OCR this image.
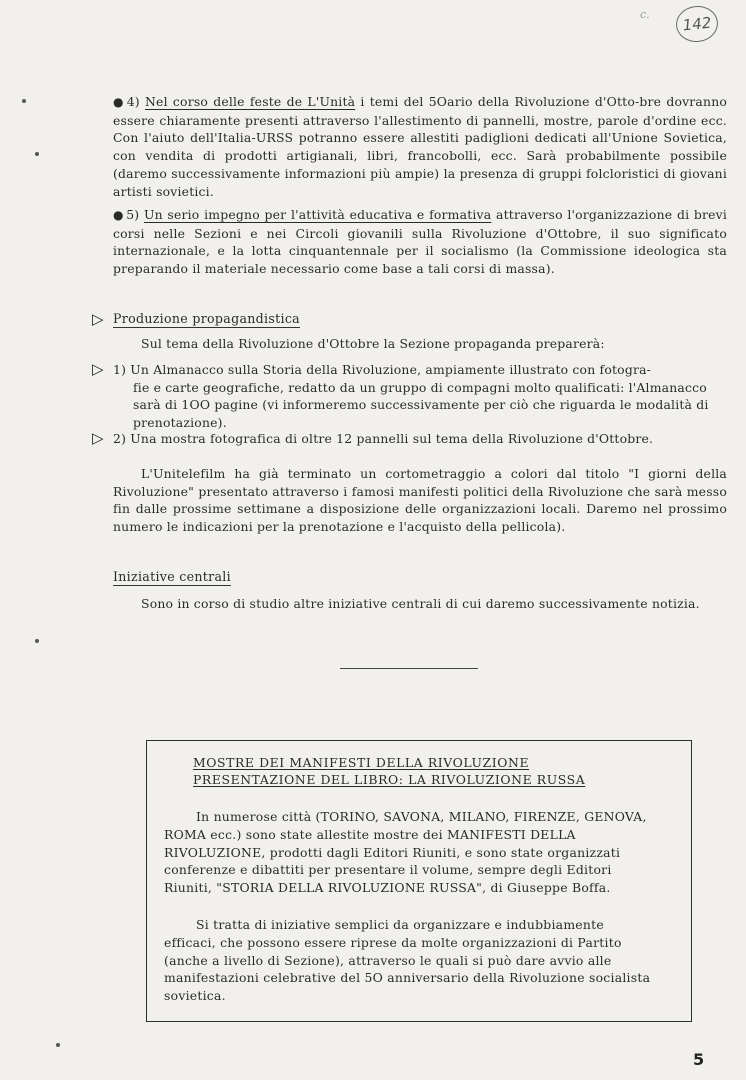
c.	142
● 4) Nel corso delle feste de L'Unità i temi del 5Oario della Rivoluzione d'Otto-bre dovranno essere chiaramente presenti attraverso l'allestimento di pannelli, mostre, parole d'ordine ecc. Con l'aiuto dell'Italia-URSS potranno essere allestiti padiglioni dedicati all'Unione Sovietica, con vendita di prodotti artigianali, libri, francobolli, ecc. Sarà probabilmente possibile (daremo successivamente informazioni più ampie) la presenza di gruppi folcloristici di giovani artisti sovietici.
● 5) Un serio impegno per l'attività educativa e formativa attraverso l'organizzazione di brevi corsi nelle Sezioni e nei Circoli giovanili sulla Rivoluzione d'Ottobre, il suo significato internazionale, e la lotta cinquantennale per il socialismo (la Commissione ideologica sta preparando il materiale necessario come base a tali corsi di massa).
▷ Produzione propagandistica
Sul tema della Rivoluzione d'Ottobre la Sezione propaganda preparerà:
▷ 1) Un Almanacco sulla Storia della Rivoluzione, ampiamente illustrato con fotogra-
fie e carte geografiche, redatto da un gruppo di compagni molto qualificati: l'Almanacco sarà di 1OO pagine (vi informeremo successivamente per ciò che riguarda le modalità di prenotazione).
▷ 2) Una mostra fotografica di oltre 12 pannelli sul tema della Rivoluzione d'Ottobre.
L'Unitelefilm ha già terminato un cortometraggio a colori dal titolo "I giorni della Rivoluzione" presentato attraverso i famosi manifesti politici della Rivoluzione che sarà messo fin dalle prossime settimane a disposizione delle organizzazioni locali. Daremo nel prossimo numero le indicazioni per la prenotazione e l'acquisto della pellicola).
Iniziative centrali
Sono in corso di studio altre iniziative centrali di cui daremo successivamente notizia.
MOSTRE DEI MANIFESTI DELLA RIVOLUZIONE
PRESENTAZIONE DEL LIBRO: LA RIVOLUZIONE RUSSA
In numerose città (TORINO, SAVONA, MILANO, FIRENZE, GENOVA, ROMA ecc.) sono state allestite mostre dei MANIFESTI DELLA RIVOLUZIONE, prodotti dagli Editori Riuniti, e sono state organizzati conferenze e dibattiti per presentare il volume, sempre degli Editori Riuniti, "STORIA DELLA RIVOLUZIONE RUSSA", di Giuseppe Boffa.
Si tratta di iniziative semplici da organizzare e indubbiamente efficaci, che possono essere riprese da molte organizzazioni di Partito (anche a livello di Sezione), attraverso le quali si può dare avvio alle manifestazioni celebrative del 5O anniversario della Rivoluzione socialista sovietica.
5
